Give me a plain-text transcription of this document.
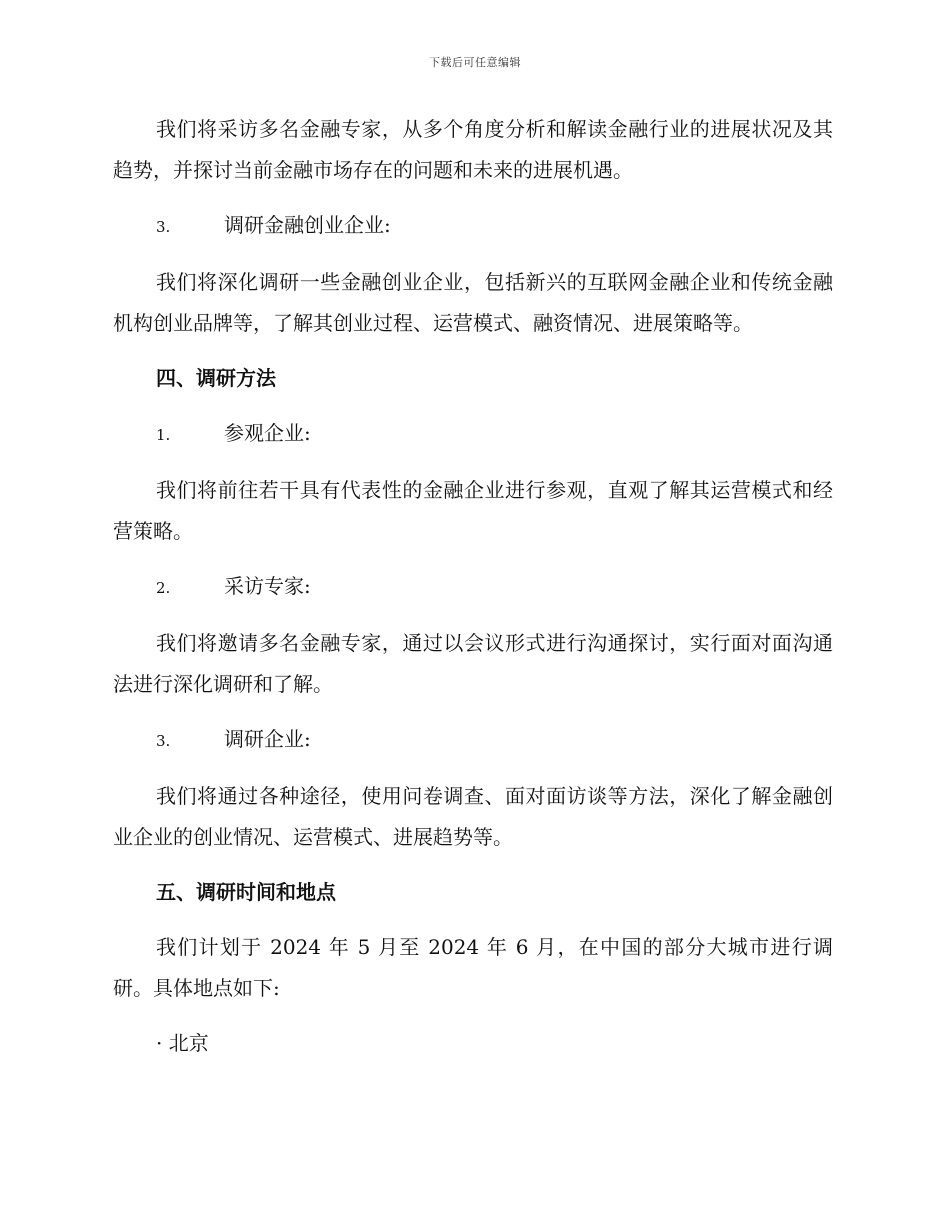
下载后可任意编辑

我们将采访多名金融专家，从多个角度分析和解读金融行业的进展状况及其趋势，并探讨当前金融市场存在的问题和未来的进展机遇。

3.	调研金融创业企业:

我们将深化调研一些金融创业企业，包括新兴的互联网金融企业和传统金融机构创业品牌等，了解其创业过程、运营模式、融资情况、进展策略等。

四、调研方法
1.	参观企业:

我们将前往若干具有代表性的金融企业进行参观，直观了解其运营模式和经营策略。

2.	采访专家:

我们将邀请多名金融专家，通过以会议形式进行沟通探讨，实行面对面沟通法进行深化调研和了解。

3.	调研企业:

我们将通过各种途径，使用问卷调查、面对面访谈等方法，深化了解金融创业企业的创业情况、运营模式、进展趋势等。

五、调研时间和地点

我们计划于 2024 年 5 月至 2024 年 6 月，在中国的部分大城市进行调研。具体地点如下:

· 北京
